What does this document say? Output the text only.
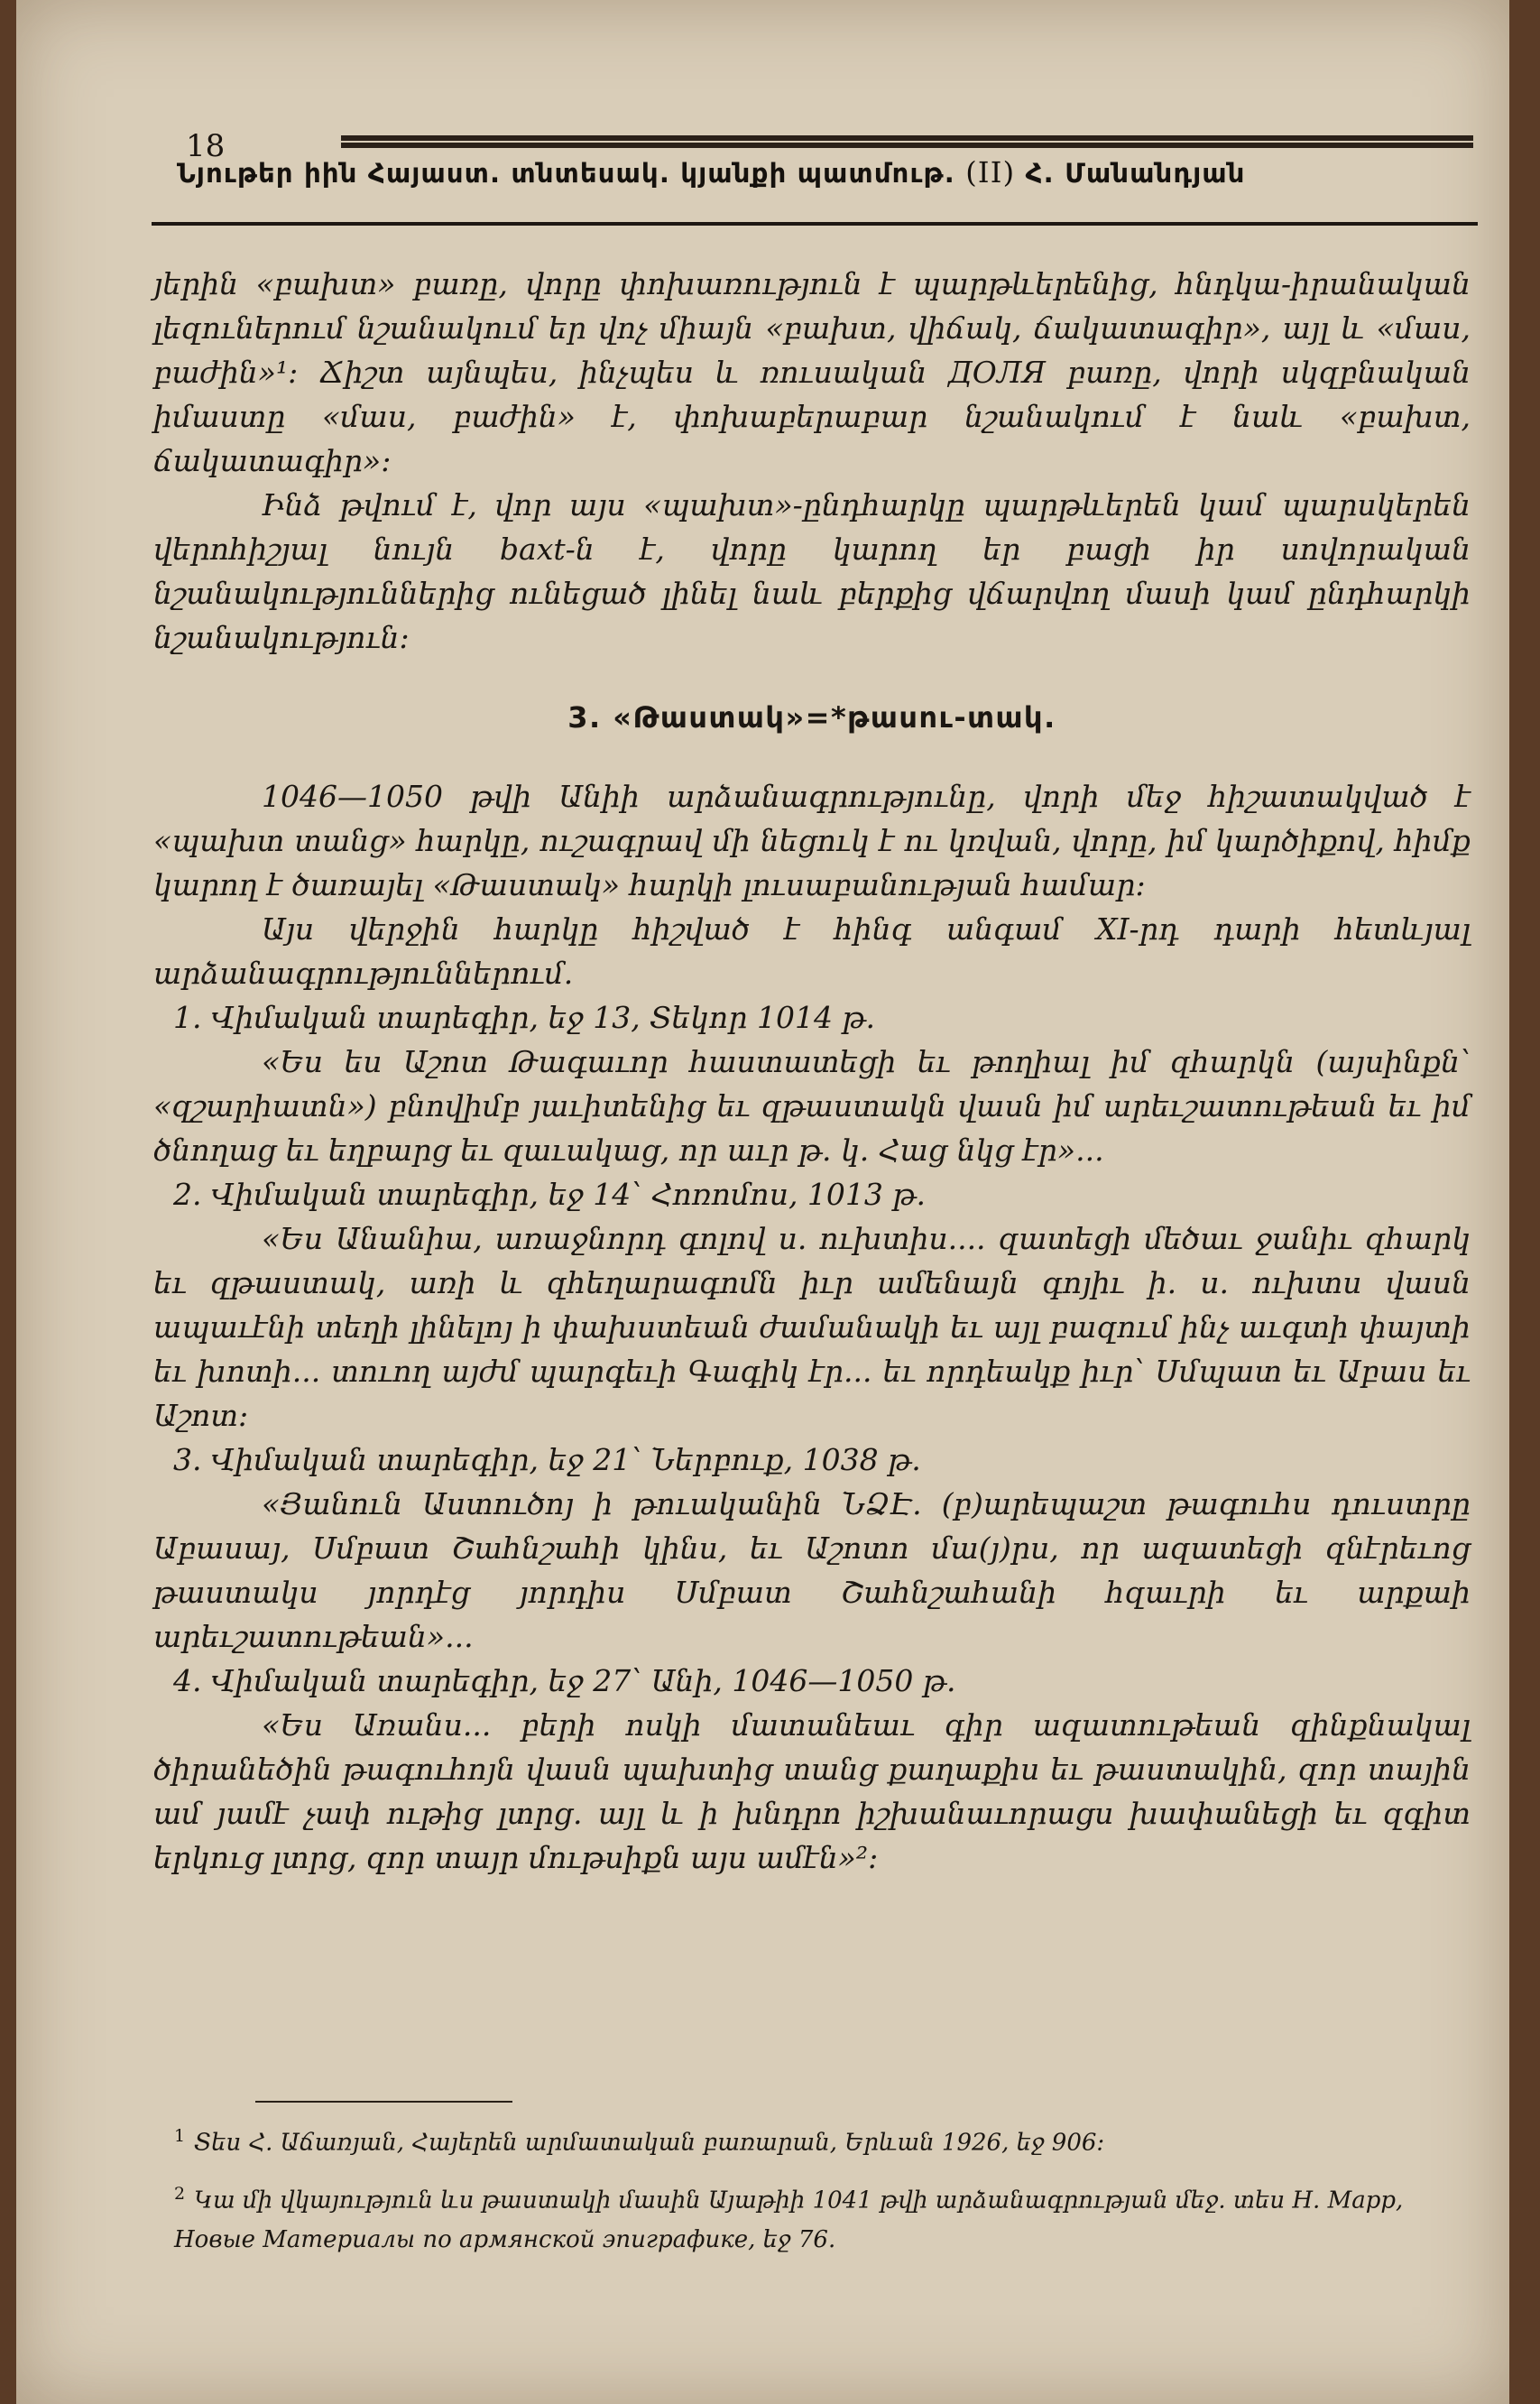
18
Նյութեր իին Հայաստ. տնտեսակ. կյանքի պատմութ. (II) Հ. Մանանդյան

յերին «բախտ» բառը, վորը փոխառություն է պարթևերենից, հնդկա-իրանական լեզուներում նշանակում եր վոչ միայն «բախտ, վիճակ, ճակատագիր», այլ և «մաս, բաժին»¹։ Ճիշտ այնպես, ինչպես և ռուսական ДОЛЯ բառը, վորի սկզբնական իմաստը «մաս, բաժին» է, փոխաբերաբար նշանակում է նաև «բախտ, ճակատագիր»։

Ինձ թվում է, վոր այս «պախտ»-ընդհարկը պարթևերեն կամ պարսկերեն վերոհիշյալ նույն baxt-ն է, վորը կարող եր բացի իր սովորական նշանակություններից ունեցած լինել նաև բերքից վճարվող մասի կամ ընդհարկի նշանակություն։

3. «Թաստակ»=*թասու-տակ.

1046—1050 թվի Անիի արձանագրությունը, վորի մեջ հիշատակված է «պախտ տանց» հարկը, ուշագրավ մի նեցուկ է ու կռվան, վորը, իմ կարծիքով, հիմք կարող է ծառայել «Թաստակ» հարկի լուսաբանության համար։

Այս վերջին հարկը հիշված է հինգ անգամ XI-րդ դարի հետևյալ արձանագրություններում.

1. Վիմական տարեգիր, եջ 13, Տեկոր 1014 թ.

«Ես ես Աշոտ Թագաւոր հաստատեցի եւ թողիալ իմ զհարկն (այսինքն՝ «զշարիատն») բնովիմբ յաւիտենից եւ զթաստակն վասն իմ արեւշատութեան եւ իմ ծնողաց եւ եղբարց եւ զաւակաց, որ աւր թ. կ. Հաց նկց էր»...

2. Վիմական տարեգիր, եջ 14՝ Հոռոմոս, 1013 թ.

«Ես Անանիա, առաջնորդ գոլով ս. ուխտիս.... զատեցի մեծաւ ջանիւ զհարկ եւ զթաստակ, առի և զհեղարագոմն իւր ամենայն գոյիւ ի. ս. ուխտս վասն ապաւէնի տեղի լինելոյ ի փախստեան ժամանակի եւ այլ բազում ինչ աւգտի փայտի եւ խոտի... տուող այժմ պարգեւի Գագիկ էր... եւ որդեակք իւր՝ Սմպատ եւ Աբաս եւ Աշոտ։

3. Վիմական տարեգիր, եջ 21՝ Ներբուք, 1038 թ.

«Յանուն Աստուծոյ ի թուականին ՆՁԷ. (բ)արեպաշտ թագուհս դուստրը Աբասայ, Սմբատ Շահնշահի կինս, եւ Աշոտո մա(յ)րս, որ ազատեցի զնէրեւոց թաստակս յորդէց յորդիս Սմբատ Շահնշահանի հզաւրի եւ արքաի արեւշատութեան»...

4. Վիմական տարեգիր, եջ 27՝ Անի, 1046—1050 թ.

«Ես Առանս... բերի ոսկի մատանեաւ գիր ազատութեան զինքնակալ ծիրանեծին թագուհոյն վասն պախտից տանց քաղաքիս եւ թաստակին, զոր տային ամ յամէ չափ ութից լտրց. այլ և ի խնդրո իշխանաւորացս խափանեցի եւ զգիտ երկուց լտրց, զոր տայր մութսիքն այս ամէն»²։

$^1$ Տես Հ. Աճառյան, Հայերեն արմատական բառարան, Երևան 1926, եջ 906։

$^2$ Կա մի վկայություն ևս թաստակի մասին Այաթիի 1041 թվի արձանագրության մեջ. տես Н. Марр, Новые Материалы по армянской эпиграфике, եջ 76.
